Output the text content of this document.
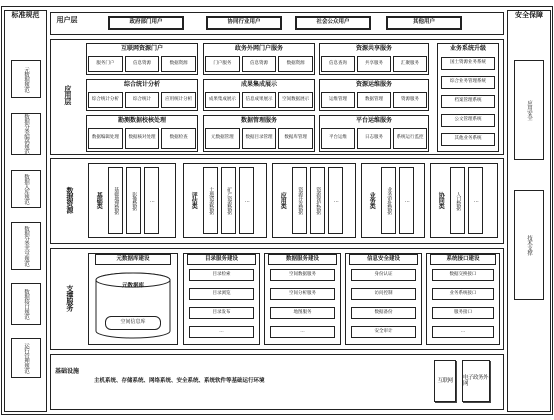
标准规范	安全保障
应用安全
技术支撑
用户层
应用层
数据资源
支撑服务
元数据库建设
元数据库
空间信息库
基础设施
主机系统、存储系统、网络系统、安全系统、系统软件等基础运行环境	互联网
电子政务外网
元数据规范
数据分类编码规范
数据入库规范
数据分类共享规范
数据接口规范
运行管理规范
政府部门用户	协同行业用户	社会公众用户	其他用户
互联网资源门户
服务门户	信息资源	数据资源
政务外网门户服务
门户服务	信息资源	数据资源
资源共享服务
信息查询	共享服务	汇聚服务
综合统计分析
综合统计分析	综合统计	应用统计分析
成果集成展示
成果集成展示	信息成果展示	空间数据展示
资源运维服务
运维管理	数据管理	资源服务
勘测数据校核处理
数据编辑处理	数据核对处理	数据检查
数据管理服务
元数据管理	数据目录管理	数据库管理
平台运维服务
平台运维	日志服务	系统运行监控
业务系统升级
国土资源业务系统
综合业务管理系统
档案管理系统
公文管理系统
其他业务系统
基础类	基础地理数据	影像数据	…	评估类	土地资源数据	矿产资源数据	…	应用类	资源开发数据	资源保护数据	…	业务类	业务审批数据	…	协同类	人口数据	…
目录服务建设
目录检索
目录浏览
目录发布
…
数据服务建设
空间数据服务
空间分析服务
地图服务
…
信息安全建设
身份认证
访问控制
数据备份
安全审计
系统接口建设
数据交换接口
业务系统接口
服务接口
…
